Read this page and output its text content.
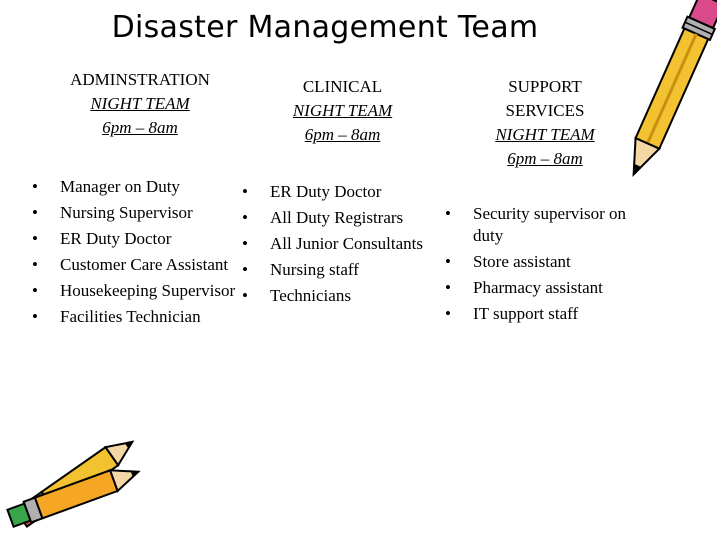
Disaster Management Team
ADMINSTRATION
NIGHT TEAM
6pm – 8am
• Manager on Duty
• Nursing Supervisor
• ER Duty Doctor
• Customer Care Assistant
• Housekeeping Supervisor
• Facilities Technician
CLINICAL
NIGHT TEAM
6pm – 8am
• ER Duty Doctor
• All Duty Registrars
• All Junior Consultants
• Nursing staff
• Technicians
SUPPORT
SERVICES
NIGHT TEAM
6pm – 8am
• Security supervisor on duty
• Store assistant
• Pharmacy assistant
• IT support staff
